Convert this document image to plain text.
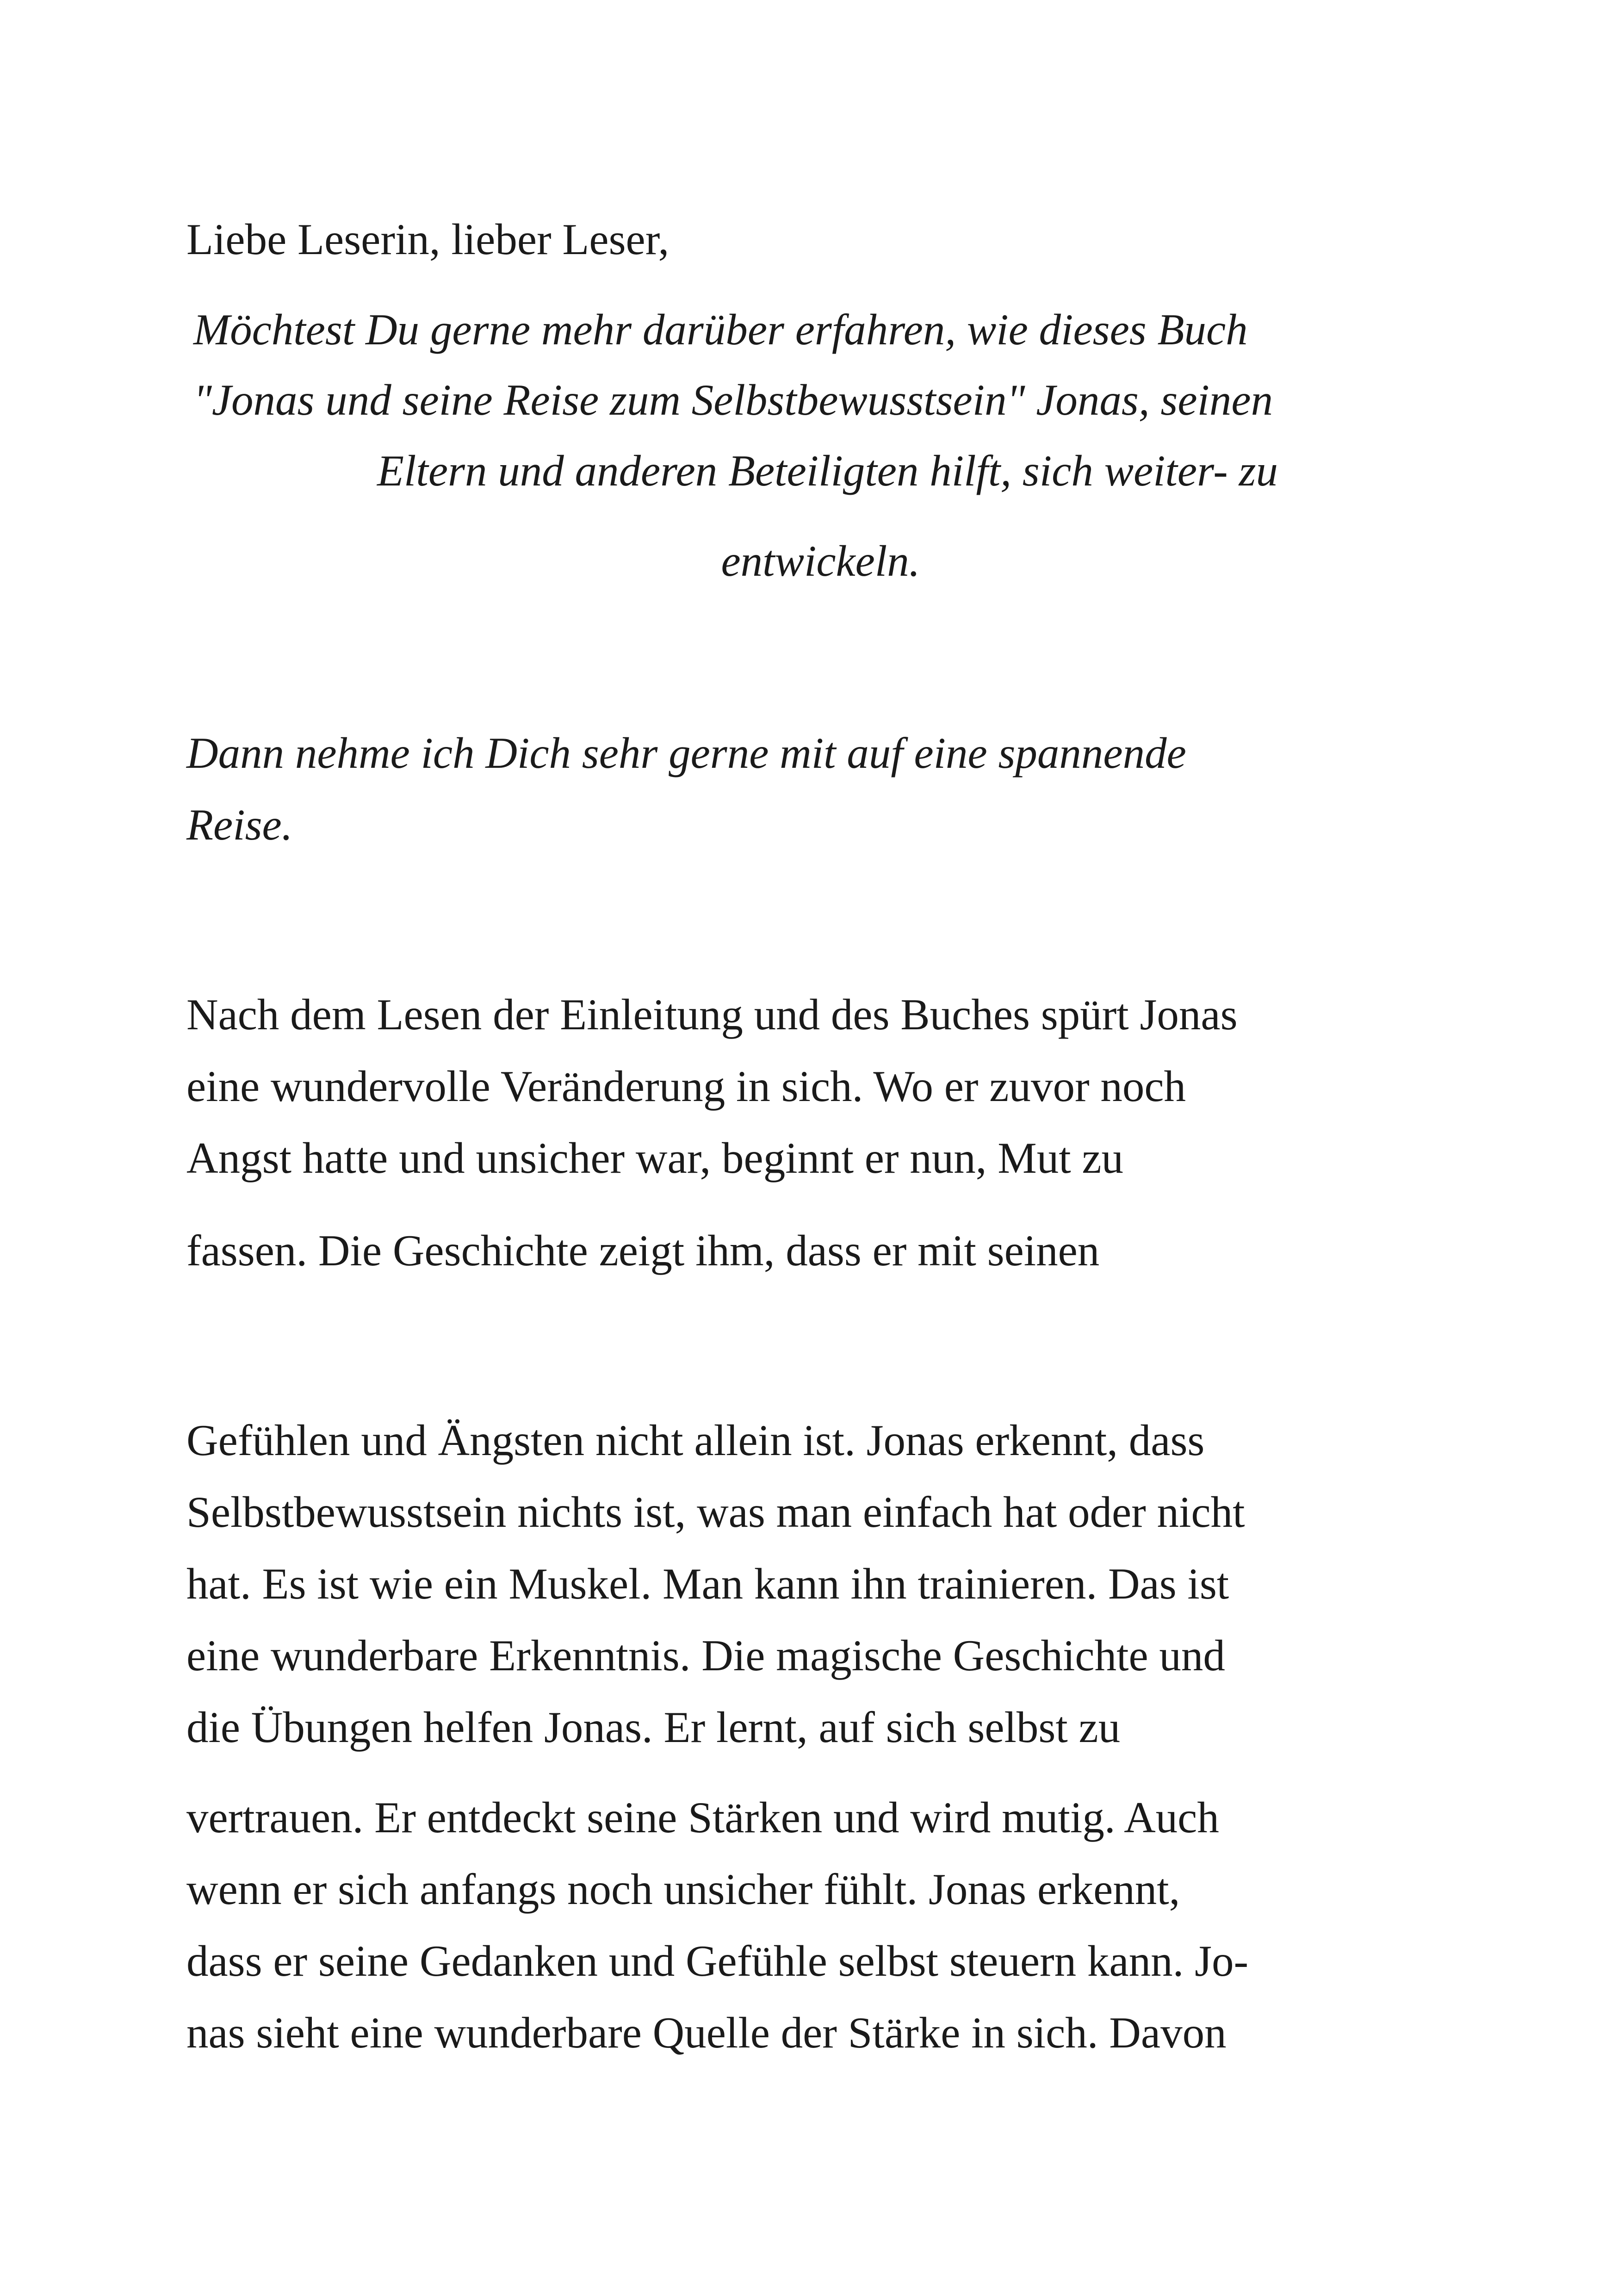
Liebe Leserin, lieber Leser,

Möchtest Du gerne mehr darüber erfahren, wie dieses Buch

"Jonas und seine Reise zum Selbstbewusstsein" Jonas, seinen

Eltern und anderen Beteiligten hilft, sich weiter- zu

entwickeln.

Dann nehme ich Dich sehr gerne mit auf eine spannende

Reise.

Nach dem Lesen der Einleitung und des Buches spürt Jonas

eine wundervolle Veränderung in sich. Wo er zuvor noch

Angst hatte und unsicher war, beginnt er nun, Mut zu

fassen. Die Geschichte zeigt ihm, dass er mit seinen

Gefühlen und Ängsten nicht allein ist. Jonas erkennt, dass

Selbstbewusstsein nichts ist, was man einfach hat oder nicht

hat. Es ist wie ein Muskel. Man kann ihn trainieren. Das ist

eine wunderbare Erkenntnis. Die magische Geschichte und

die Übungen helfen Jonas. Er lernt, auf sich selbst zu

vertrauen. Er entdeckt seine Stärken und wird mutig. Auch

wenn er sich anfangs noch unsicher fühlt. Jonas erkennt,

dass er seine Gedanken und Gefühle selbst steuern kann. Jo-

nas sieht eine wunderbare Quelle der Stärke in sich. Davon
